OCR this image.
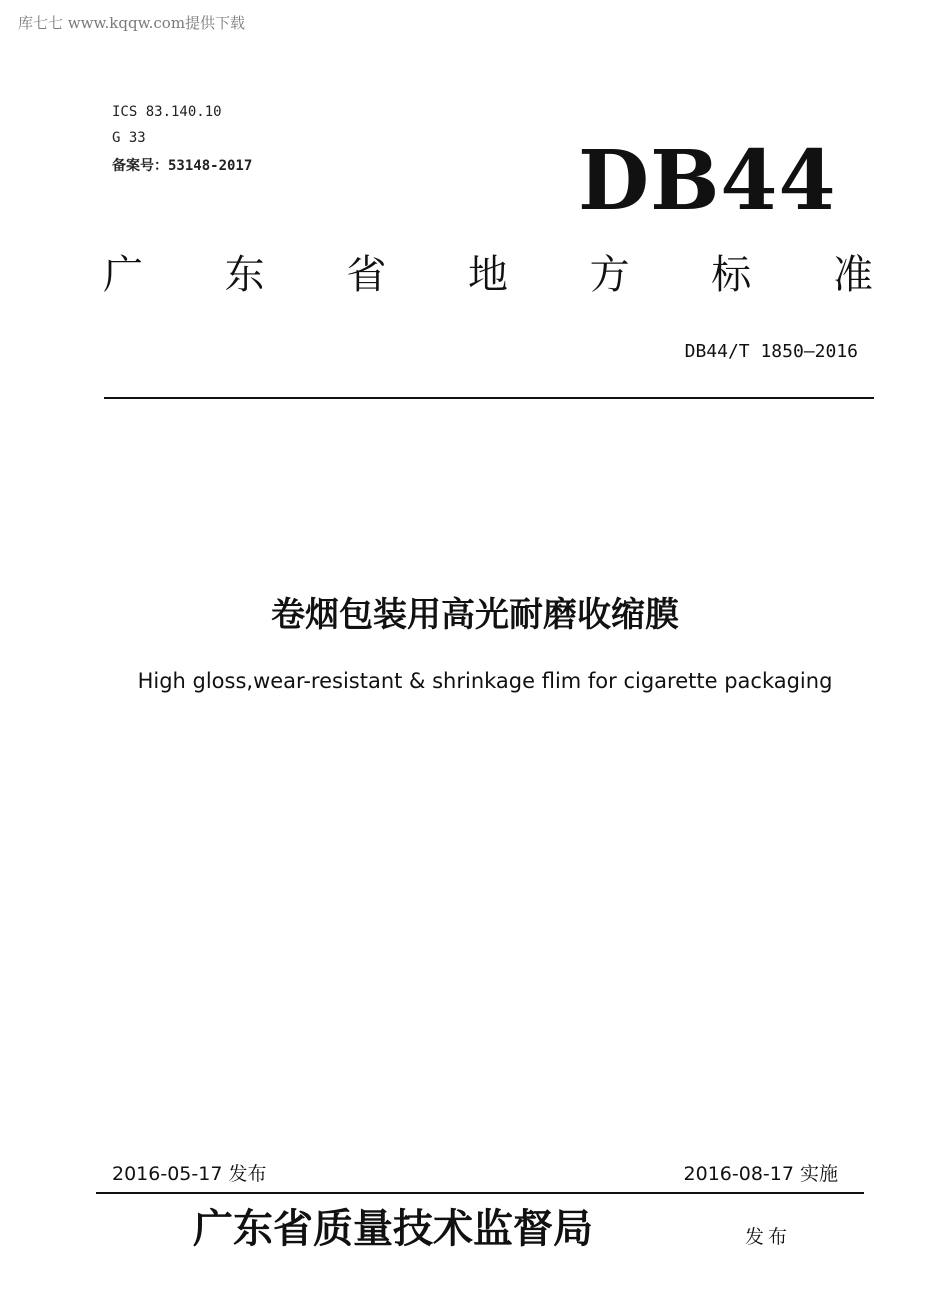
库七七 www.kqqw.com提供下载
ICS 83.140.10
G 33
备案号：53148-2017	DB44
广 东 省 地 方 标 准
DB44/T 1850—2016
卷烟包装用高光耐磨收缩膜
High gloss,wear-resistant & shrinkage flim for cigarette packaging
2016-05-17 发布	2016-08-17 实施
广东省质量技术监督局	发布
